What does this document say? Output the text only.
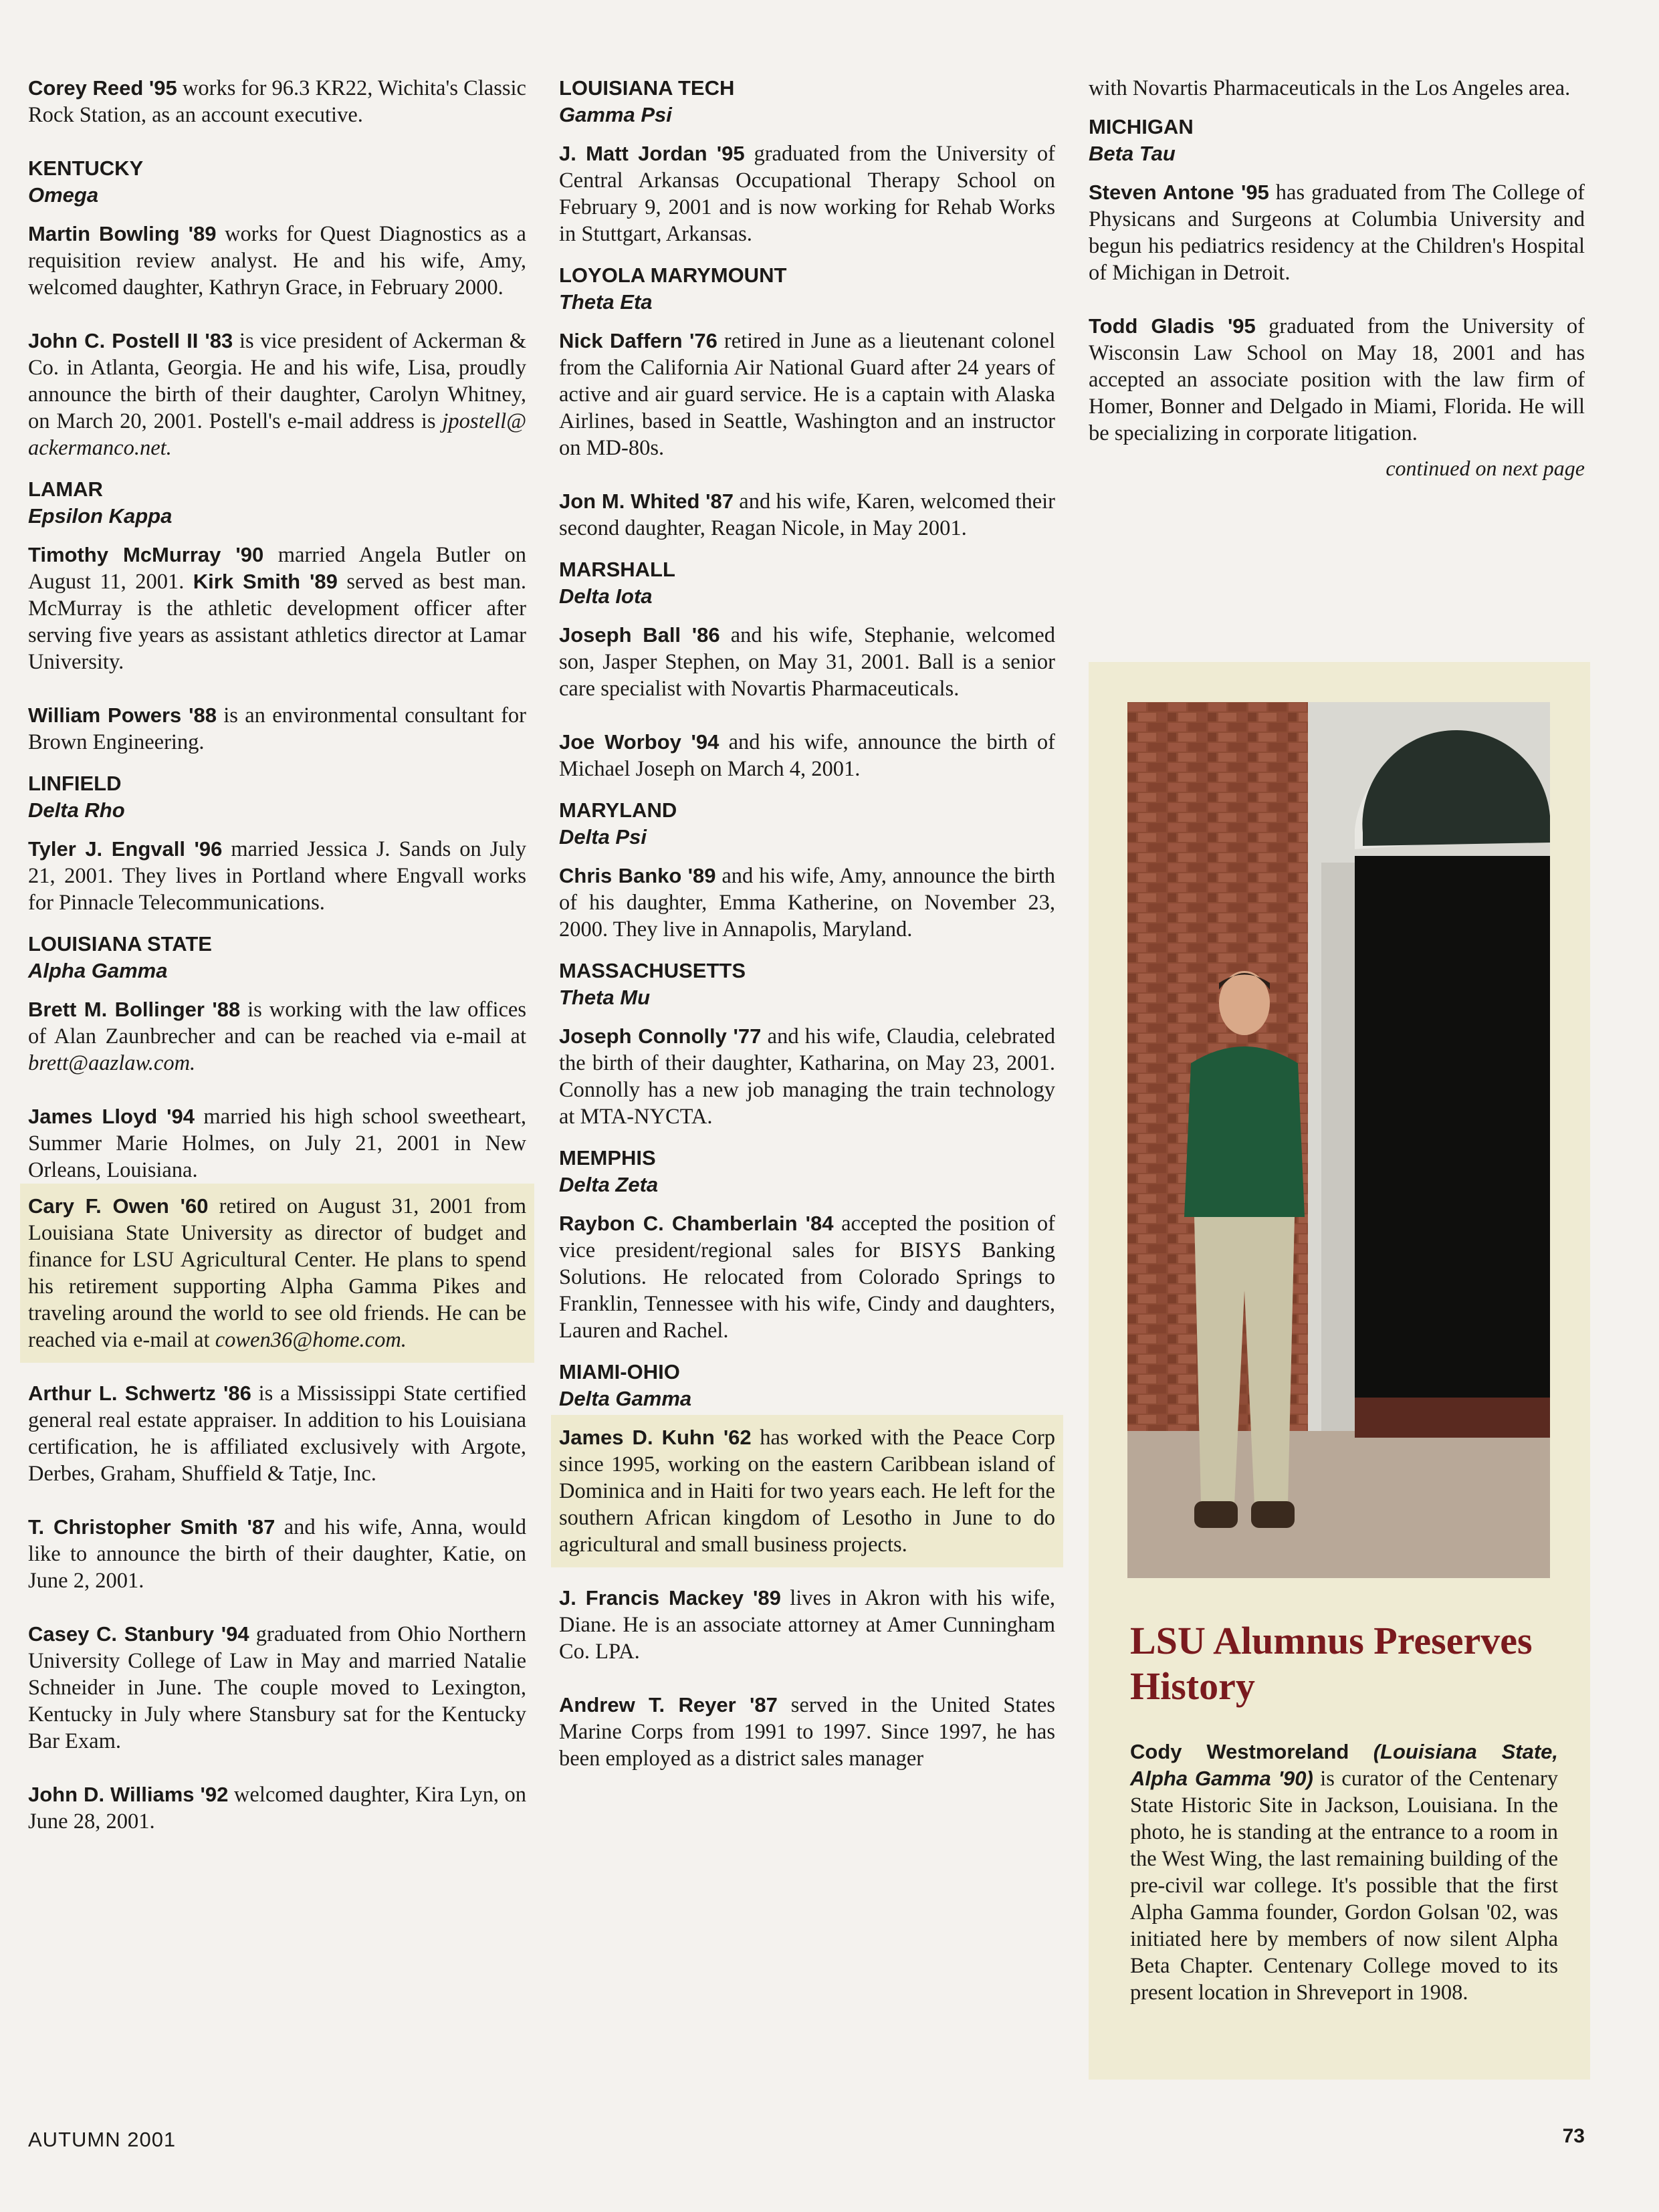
Corey Reed '95 works for 96.3 KR22, Wichita's Classic Rock Station, as an account executive.

KENTUCKY
Omega

Martin Bowling '89 works for Quest Diagnostics as a requisition review analyst. He and his wife, Amy, welcomed daughter, Kathryn Grace, in February 2000.

John C. Postell II '83 is vice president of Ackerman & Co. in Atlanta, Georgia. He and his wife, Lisa, proudly announce the birth of their daughter, Carolyn Whitney, on March 20, 2001. Postell's e-mail address is jpostell@ ackermanco.net.

LAMAR
Epsilon Kappa

Timothy McMurray '90 married Angela Butler on August 11, 2001. Kirk Smith '89 served as best man. McMurray is the athletic development officer after serving five years as assistant athletics director at Lamar University.

William Powers '88 is an environmental consultant for Brown Engineering.

LINFIELD
Delta Rho

Tyler J. Engvall '96 married Jessica J. Sands on July 21, 2001. They lives in Portland where Engvall works for Pinnacle Telecommunications.

LOUISIANA STATE
Alpha Gamma

Brett M. Bollinger '88 is working with the law offices of Alan Zaunbrecher and can be reached via e-mail at brett@aazlaw.com.

James Lloyd '94 married his high school sweetheart, Summer Marie Holmes, on July 21, 2001 in New Orleans, Louisiana.

Cary F. Owen '60 retired on August 31, 2001 from Louisiana State University as director of budget and finance for LSU Agricultural Center. He plans to spend his retirement supporting Alpha Gamma Pikes and traveling around the world to see old friends. He can be reached via e-mail at cowen36@home.com.

Arthur L. Schwertz '86 is a Mississippi State certified general real estate appraiser. In addition to his Louisiana certification, he is affiliated exclusively with Argote, Derbes, Graham, Shuffield & Tatje, Inc.

T. Christopher Smith '87 and his wife, Anna, would like to announce the birth of their daughter, Katie, on June 2, 2001.

Casey C. Stanbury '94 graduated from Ohio Northern University College of Law in May and married Natalie Schneider in June. The couple moved to Lexington, Kentucky in July where Stansbury sat for the Kentucky Bar Exam.

John D. Williams '92 welcomed daughter, Kira Lyn, on June 28, 2001.

LOUISIANA TECH
Gamma Psi

J. Matt Jordan '95 graduated from the University of Central Arkansas Occupational Therapy School on February 9, 2001 and is now working for Rehab Works in Stuttgart, Arkansas.

LOYOLA MARYMOUNT
Theta Eta

Nick Daffern '76 retired in June as a lieutenant colonel from the California Air National Guard after 24 years of active and air guard service. He is a captain with Alaska Airlines, based in Seattle, Washington and an instructor on MD-80s.

Jon M. Whited '87 and his wife, Karen, welcomed their second daughter, Reagan Nicole, in May 2001.

MARSHALL
Delta Iota

Joseph Ball '86 and his wife, Stephanie, welcomed son, Jasper Stephen, on May 31, 2001. Ball is a senior care specialist with Novartis Pharmaceuticals.

Joe Worboy '94 and his wife, announce the birth of Michael Joseph on March 4, 2001.

MARYLAND
Delta Psi

Chris Banko '89 and his wife, Amy, announce the birth of his daughter, Emma Katherine, on November 23, 2000. They live in Annapolis, Maryland.

MASSACHUSETTS
Theta Mu

Joseph Connolly '77 and his wife, Claudia, celebrated the birth of their daughter, Katharina, on May 23, 2001. Connolly has a new job managing the train technology at MTA-NYCTA.

MEMPHIS
Delta Zeta

Raybon C. Chamberlain '84 accepted the position of vice president/regional sales for BISYS Banking Solutions. He relocated from Colorado Springs to Franklin, Tennessee with his wife, Cindy and daughters, Lauren and Rachel.

MIAMI-OHIO
Delta Gamma

James D. Kuhn '62 has worked with the Peace Corp since 1995, working on the eastern Caribbean island of Dominica and in Haiti for two years each. He left for the southern African kingdom of Lesotho in June to do agricultural and small business projects.

J. Francis Mackey '89 lives in Akron with his wife, Diane. He is an associate attorney at Amer Cunningham Co. LPA.

Andrew T. Reyer '87 served in the United States Marine Corps from 1991 to 1997. Since 1997, he has been employed as a district sales manager

with Novartis Pharmaceuticals in the Los Angeles area.

MICHIGAN
Beta Tau

Steven Antone '95 has graduated from The College of Physicans and Surgeons at Columbia University and begun his pediatrics residency at the Children's Hospital of Michigan in Detroit.

Todd Gladis '95 graduated from the University of Wisconsin Law School on May 18, 2001 and has accepted an associate position with the law firm of Homer, Bonner and Delgado in Miami, Florida. He will be specializing in corporate litigation.

continued on next page
LSU Alumnus Preserves History
Cody Westmoreland (Louisiana State, Alpha Gamma '90) is curator of the Centenary State Historic Site in Jackson, Louisiana. In the photo, he is standing at the entrance to a room in the West Wing, the last remaining building of the pre-civil war college. It's possible that the first Alpha Gamma founder, Gordon Golsan '02, was initiated here by members of now silent Alpha Beta Chapter. Centenary College moved to its present location in Shreveport in 1908.
AUTUMN 2001	73
